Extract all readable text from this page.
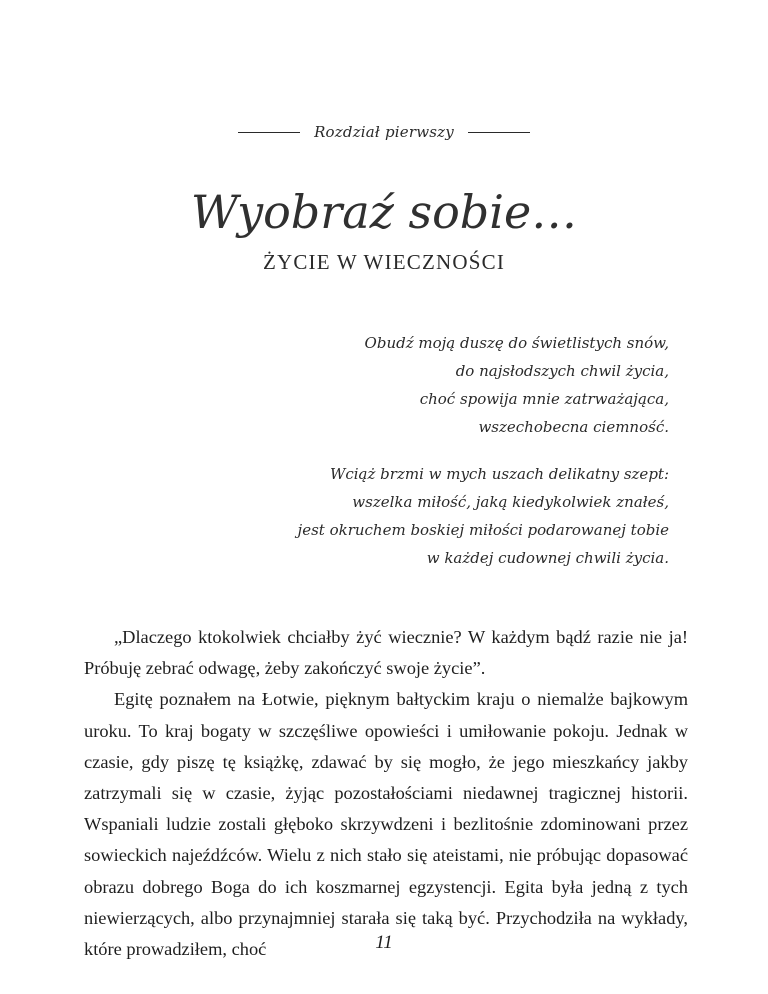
Rozdział pierwszy
Wyobraź sobie…
ŻYCIE W WIECZNOŚCI
Obudź moją duszę do świetlistych snów,
do najsłodszych chwil życia,
choć spowija mnie zatrważająca,
wszechobecna ciemność.
Wciąż brzmi w mych uszach delikatny szept:
wszelka miłość, jaką kiedykolwiek znałeś,
jest okruchem boskiej miłości podarowanej tobie
w każdej cudownej chwili życia.

„Dlaczego ktokolwiek chciałby żyć wiecznie? W każdym bądź razie nie ja! Próbuję zebrać odwagę, żeby zakończyć swoje życie”.

Egitę poznałem na Łotwie, pięknym bałtyckim kraju o niemalże bajkowym uroku. To kraj bogaty w szczęśliwe opowieści i umiłowanie pokoju. Jednak w czasie, gdy piszę tę książkę, zdawać by się mogło, że jego mieszkańcy jakby zatrzymali się w czasie, żyjąc pozostałościami niedawnej tragicznej historii. Wspaniali ludzie zostali głęboko skrzywdzeni i bezlitośnie zdominowani przez sowieckich najeźdźców. Wielu z nich stało się ateistami, nie próbując dopasować obrazu dobrego Boga do ich koszmarnej egzystencji. Egita była jedną z tych niewierzących, albo przynajmniej starała się taką być. Przychodziła na wykłady, które prowadziłem, choć	11
